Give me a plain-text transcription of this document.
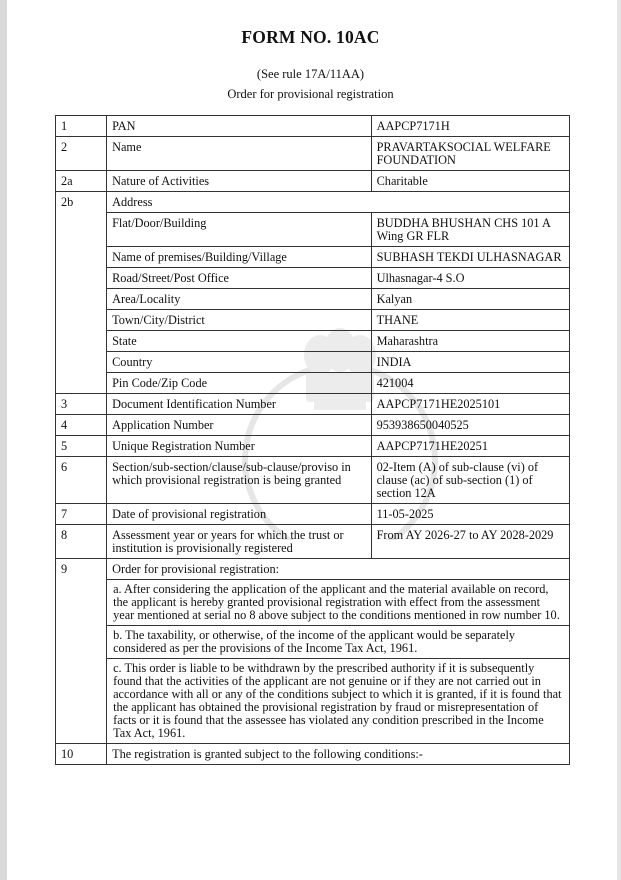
FORM NO. 10AC
(See rule 17A/11AA)
Order for provisional registration
1	PAN	AAPCP7171H
2	Name	PRAVARTAKSOCIAL WELFARE FOUNDATION
2a	Nature of Activities	Charitable
2b	Address	
	Flat/Door/Building	BUDDHA BHUSHAN CHS 101 A Wing GR FLR
	Name of premises/Building/Village	SUBHASH TEKDI ULHASNAGAR
	Road/Street/Post Office	Ulhasnagar-4 S.O
	Area/Locality	Kalyan
	Town/City/District	THANE
	State	Maharashtra
	Country	INDIA
	Pin Code/Zip Code	421004
3	Document Identification Number	AAPCP7171HE2025101
4	Application Number	953938650040525
5	Unique Registration Number	AAPCP7171HE20251
6	Section/sub-section/clause/sub-clause/proviso in which provisional registration is being granted	02-Item (A) of sub-clause (vi) of clause (ac) of sub-section (1) of section 12A
7	Date of provisional registration	11-05-2025
8	Assessment year or years for which the trust or institution is provisionally registered	From AY 2026-27 to AY 2028-2029
9	Order for provisional registration:	
	a. After considering the application of the applicant and the material available on record, the applicant is hereby granted provisional registration with effect from the assessment year mentioned at serial no 8 above subject to the conditions mentioned in row number 10.	
	b. The taxability, or otherwise, of the income of the applicant would be separately considered as per the provisions of the Income Tax Act, 1961.	
	c. This order is liable to be withdrawn by the prescribed authority if it is subsequently found that the activities of the applicant are not genuine or if they are not carried out in accordance with all or any of the conditions subject to which it is granted, if it is found that the applicant has obtained the provisional registration by fraud or misrepresentation of facts or it is found that the assessee has violated any condition prescribed in the Income Tax Act, 1961.	
10	The registration is granted subject to the following conditions:-	
